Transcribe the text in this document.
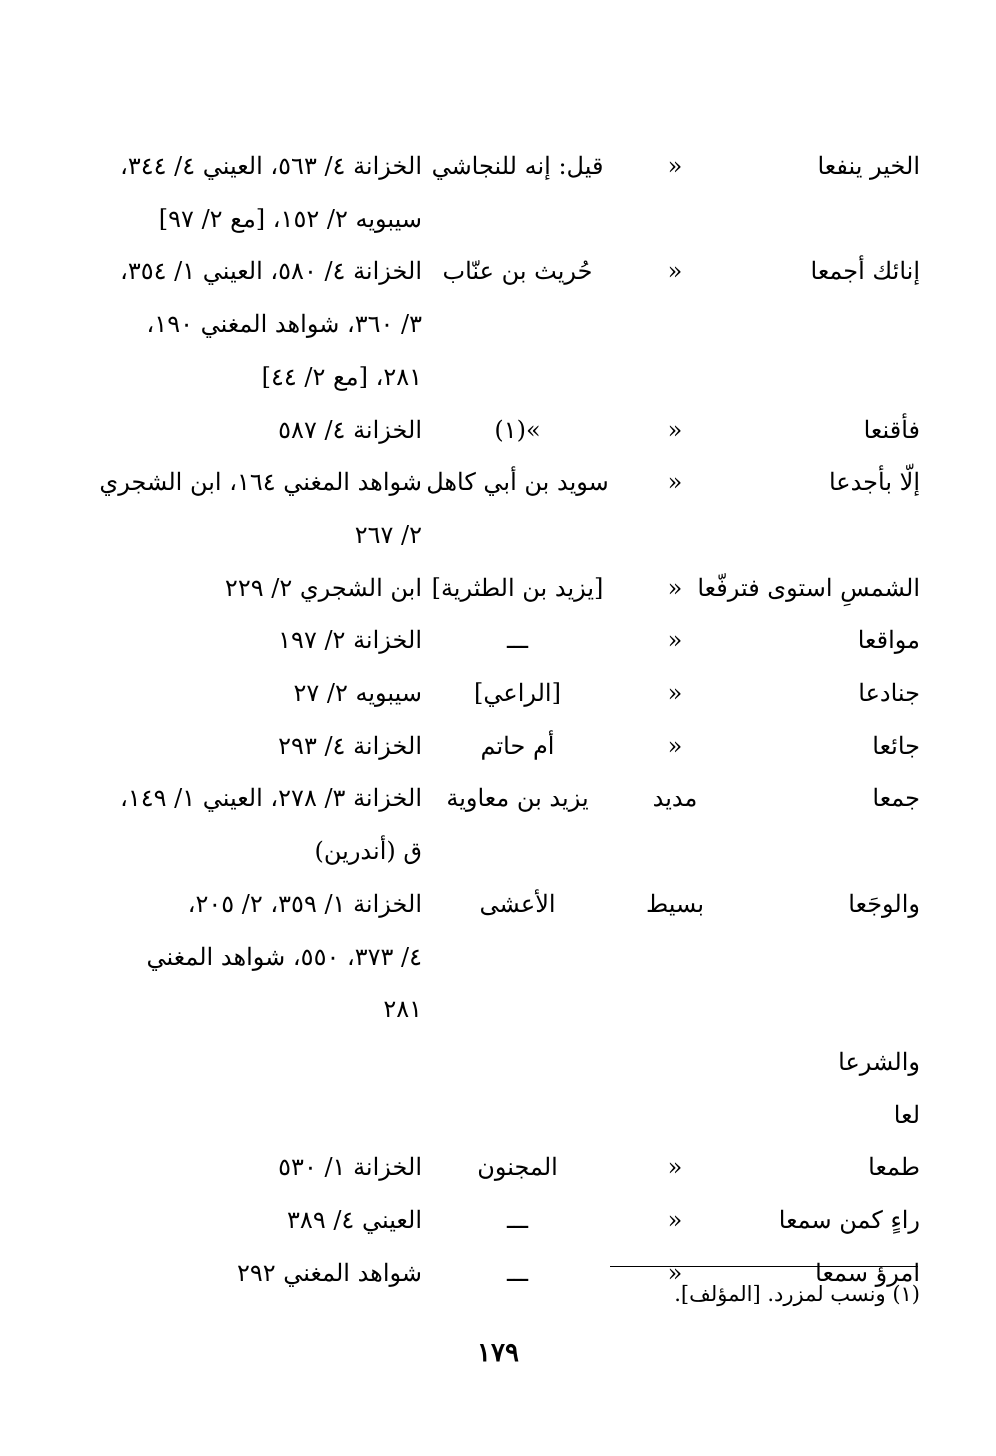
الخير ينفعا
«
قيل: إنه للنجاشي
الخزانة ٤/ ٥٦٣، العيني ٤/ ٣٤٤،
سيبويه ٢/ ١٥٢، [مع ٢/ ٩٧]
إنائك أجمعا
«
حُريث بن عنّاب
الخزانة ٤/ ٥٨٠، العيني ١/ ٣٥٤،
٣/ ٣٦٠، شواهد المغني ١٩٠،
٢٨١، [مع ٢/ ٤٤]
فأقنعا
«
»(١)
الخزانة ٤/ ٥٨٧
إلّا بأجدعا
«
سويد بن أبي كاهل
شواهد المغني ١٦٤، ابن الشجري
٢/ ٢٦٧
الشمسِ استوى فترفّعا
«
[يزيد بن الطثرية]
ابن الشجري ٢/ ٢٢٩
مواقعا
«
ـــ
الخزانة ٢/ ١٩٧
جنادعا
«
[الراعي]
سيبويه ٢/ ٢٧
جائعا
«
أم حاتم
الخزانة ٤/ ٢٩٣
جمعا
مديد
يزيد بن معاوية
الخزانة ٣/ ٢٧٨، العيني ١/ ١٤٩،
ق (أندرين)
والوجَعا
بسيط
الأعشى
الخزانة ١/ ٣٥٩، ٢/ ٢٠٥،
٤/ ٣٧٣، ٥٥٠، شواهد المغني
٢٨١
والشرعا
لعا
طمعا
«
المجنون
الخزانة ١/ ٥٣٠
راءٍ كمن سمعا
«
ـــ
العيني ٤/ ٣٨٩
امرؤ سمعا
«
ـــ
شواهد المغني ٢٩٢
(١) ونسب لمزرد. [المؤلف].
١٧٩
